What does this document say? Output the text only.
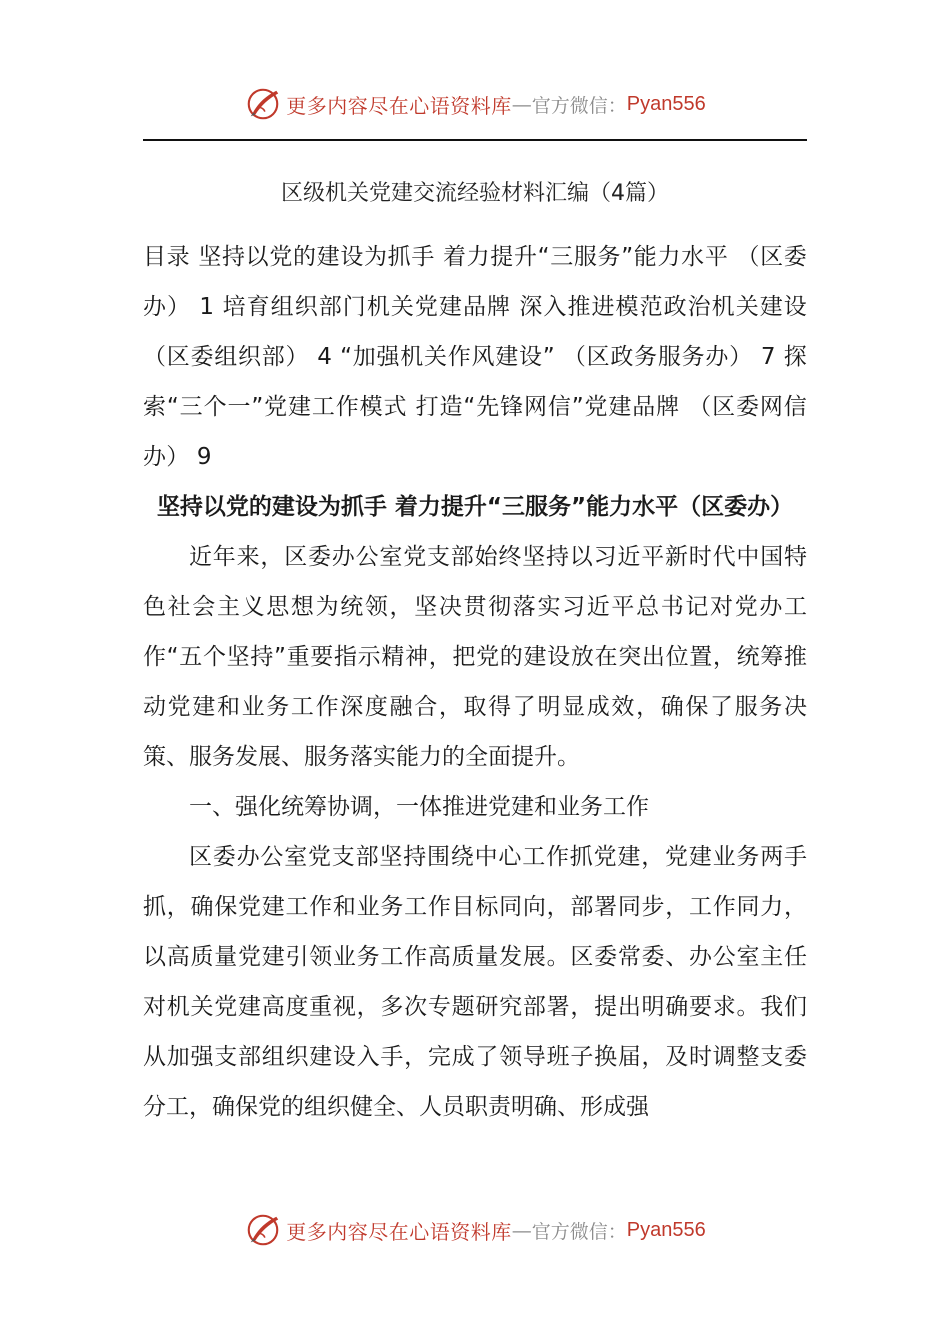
更多内容尽在心语资料库 — 官方微信： Pyan556
区级机关党建交流经验材料汇编（4篇）

目录 坚持以党的建设为抓手 着力提升“三服务”能力水平 （区委办） 1 培育组织部门机关党建品牌 深入推进模范政治机关建设 （区委组织部） 4 “加强机关作风建设” （区政务服务办） 7 探索“三个一”党建工作模式 打造“先锋网信”党建品牌 （区委网信办） 9

坚持以党的建设为抓手 着力提升“三服务”能力水平（区委办）

近年来，区委办公室党支部始终坚持以习近平新时代中国特色社会主义思想为统领，坚决贯彻落实习近平总书记对党办工作“五个坚持”重要指示精神，把党的建设放在突出位置，统筹推动党建和业务工作深度融合，取得了明显成效，确保了服务决策、服务发展、服务落实能力的全面提升。

一、强化统筹协调，一体推进党建和业务工作

区委办公室党支部坚持围绕中心工作抓党建，党建业务两手抓，确保党建工作和业务工作目标同向，部署同步，工作同力，以高质量党建引领业务工作高质量发展。区委常委、办公室主任对机关党建高度重视，多次专题研究部署，提出明确要求。我们从加强支部组织建设入手，完成了领导班子换届，及时调整支委分工，确保党的组织健全、人员职责明确、形成强

更多内容尽在心语资料库 — 官方微信： Pyan556
